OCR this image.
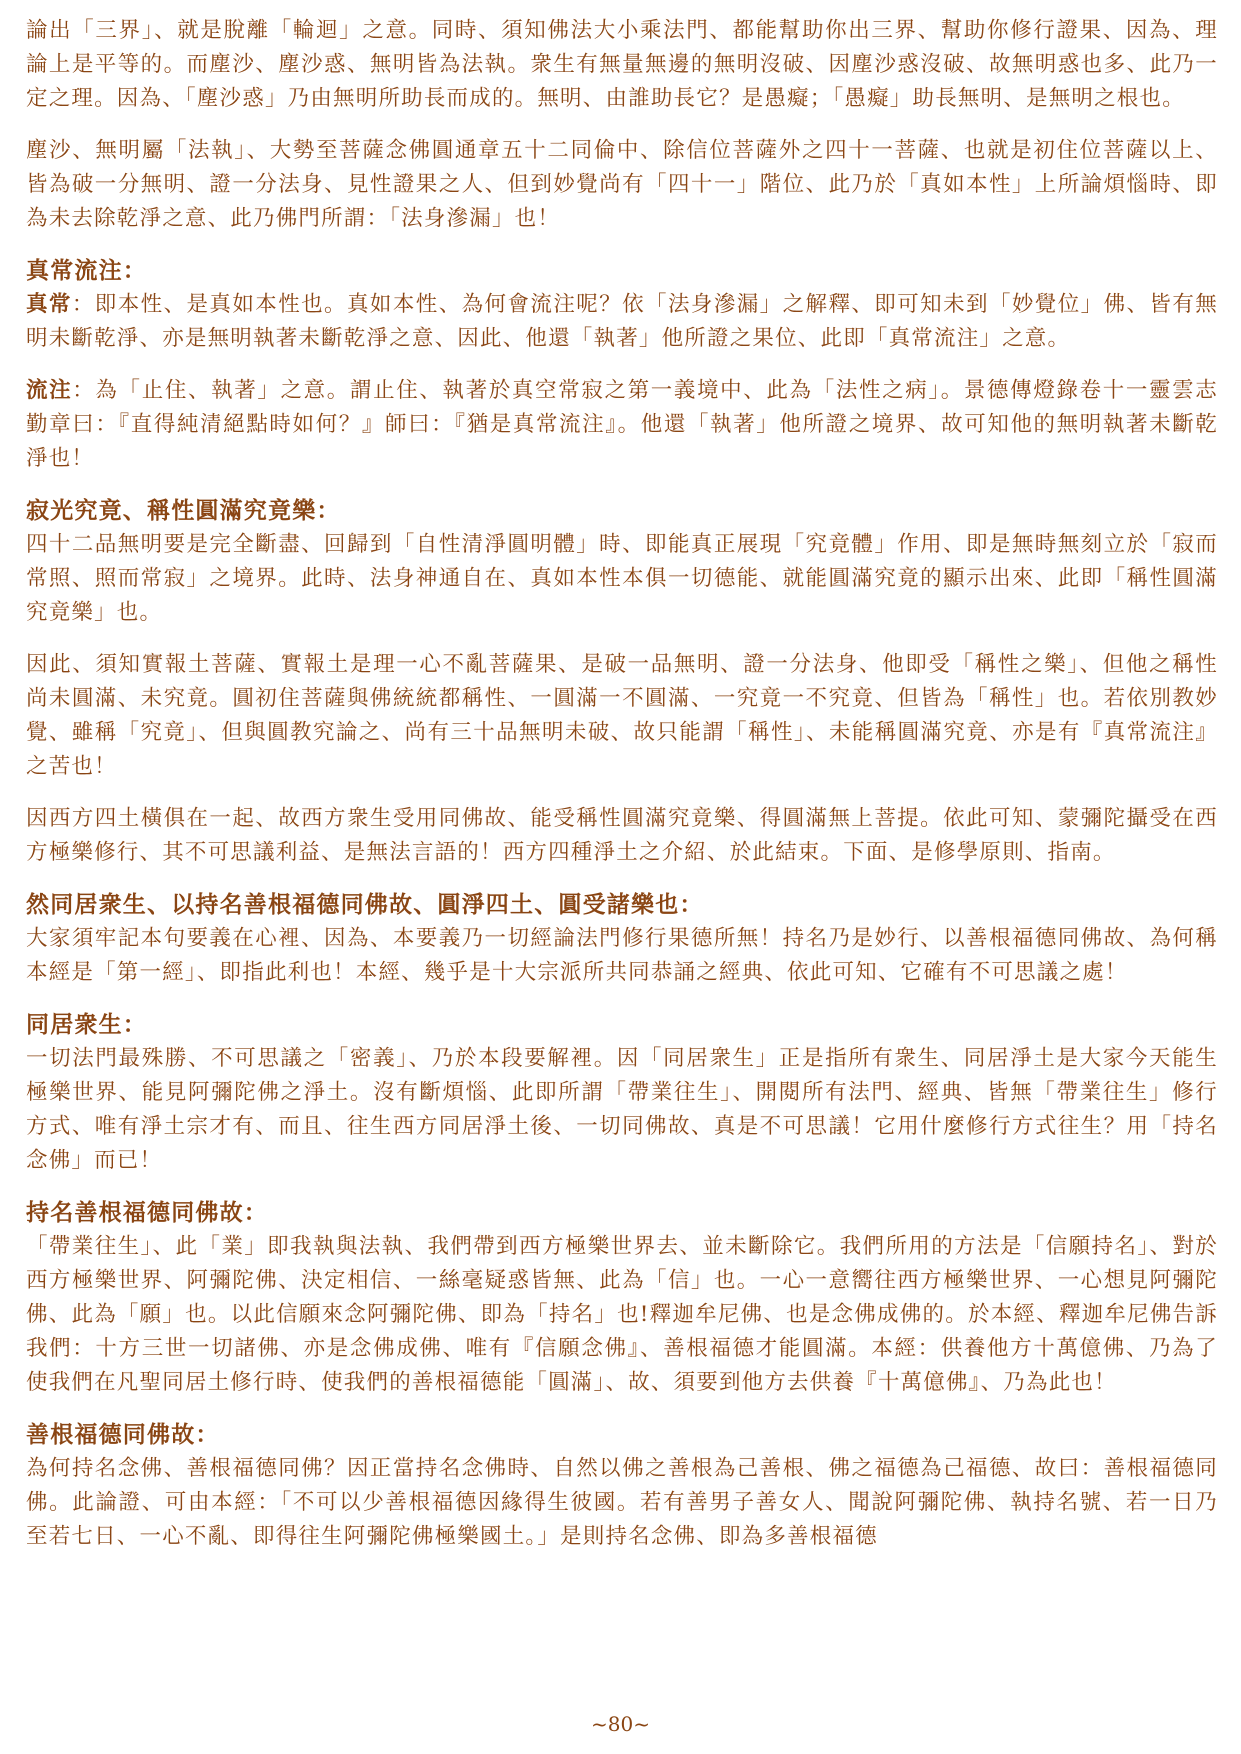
論出「三界」、就是脫離「輪迴」之意。同時、須知佛法大小乘法門、都能幫助你出三界、幫助你修行證果、因為、理論上是平等的。而塵沙、塵沙惑、無明皆為法執。衆生有無量無邊的無明沒破、因塵沙惑沒破、故無明惑也多、此乃一定之理。因為、「塵沙惑」乃由無明所助長而成的。無明、由誰助長它？是愚癡；「愚癡」助長無明、是無明之根也。

塵沙、無明屬「法執」、大勢至菩薩念佛圓通章五十二同倫中、除信位菩薩外之四十一菩薩、也就是初住位菩薩以上、皆為破一分無明、證一分法身、見性證果之人、但到妙覺尚有「四十一」階位、此乃於「真如本性」上所論煩惱時、即為未去除乾淨之意、此乃佛門所謂：「法身滲漏」也！

真常流注：

真常：即本性、是真如本性也。真如本性、為何會流注呢？依「法身滲漏」之解釋、即可知未到「妙覺位」佛、皆有無明未斷乾淨、亦是無明執著未斷乾淨之意、因此、他還「執著」他所證之果位、此即「真常流注」之意。

流注：為「止住、執著」之意。謂止住、執著於真空常寂之第一義境中、此為「法性之病」。景德傳燈錄卷十一靈雲志勤章曰：『直得純清絕點時如何？』師曰：『猶是真常流注』。他還「執著」他所證之境界、故可知他的無明執著未斷乾淨也！

寂光究竟、稱性圓滿究竟樂：

四十二品無明要是完全斷盡、回歸到「自性清淨圓明體」時、即能真正展現「究竟體」作用、即是無時無刻立於「寂而常照、照而常寂」之境界。此時、法身神通自在、真如本性本俱一切德能、就能圓滿究竟的顯示出來、此即「稱性圓滿究竟樂」也。

因此、須知實報土菩薩、實報土是理一心不亂菩薩果、是破一品無明、證一分法身、他即受「稱性之樂」、但他之稱性尚未圓滿、未究竟。圓初住菩薩與佛統統都稱性、一圓滿一不圓滿、一究竟一不究竟、但皆為「稱性」也。若依別教妙覺、雖稱「究竟」、但與圓教究論之、尚有三十品無明未破、故只能謂「稱性」、未能稱圓滿究竟、亦是有『真常流注』之苦也！

因西方四土橫俱在一起、故西方衆生受用同佛故、能受稱性圓滿究竟樂、得圓滿無上菩提。依此可知、蒙彌陀攝受在西方極樂修行、其不可思議利益、是無法言語的！西方四種淨土之介紹、於此結束。下面、是修學原則、指南。

然同居衆生、以持名善根福德同佛故、圓淨四土、圓受諸樂也：

大家須牢記本句要義在心裡、因為、本要義乃一切經論法門修行果德所無！持名乃是妙行、以善根福德同佛故、為何稱本經是「第一經」、即指此利也！本經、幾乎是十大宗派所共同恭誦之經典、依此可知、它確有不可思議之處！

同居衆生：

一切法門最殊勝、不可思議之「密義」、乃於本段要解裡。因「同居衆生」正是指所有衆生、同居淨土是大家今天能生極樂世界、能見阿彌陀佛之淨土。沒有斷煩惱、此即所謂「帶業往生」、開閱所有法門、經典、皆無「帶業往生」修行方式、唯有淨土宗才有、而且、往生西方同居淨土後、一切同佛故、真是不可思議！它用什麼修行方式往生？用「持名念佛」而已！

持名善根福德同佛故：

「帶業往生」、此「業」即我執與法執、我們帶到西方極樂世界去、並未斷除它。我們所用的方法是「信願持名」、對於西方極樂世界、阿彌陀佛、決定相信、一絲毫疑惑皆無、此為「信」也。一心一意嚮往西方極樂世界、一心想見阿彌陀佛、此為「願」也。以此信願來念阿彌陀佛、即為「持名」也!釋迦牟尼佛、也是念佛成佛的。於本經、釋迦牟尼佛告訴我們：十方三世一切諸佛、亦是念佛成佛、唯有『信願念佛』、善根福德才能圓滿。本經：供養他方十萬億佛、乃為了使我們在凡聖同居土修行時、使我們的善根福德能「圓滿」、故、須要到他方去供養『十萬億佛』、乃為此也！

善根福德同佛故：

為何持名念佛、善根福德同佛？因正當持名念佛時、自然以佛之善根為己善根、佛之福德為己福德、故曰：善根福德同佛。此論證、可由本經：「不可以少善根福德因緣得生彼國。若有善男子善女人、聞說阿彌陀佛、執持名號、若一日乃至若七日、一心不亂、即得往生阿彌陀佛極樂國土。」是則持名念佛、即為多善根福德

~80~
